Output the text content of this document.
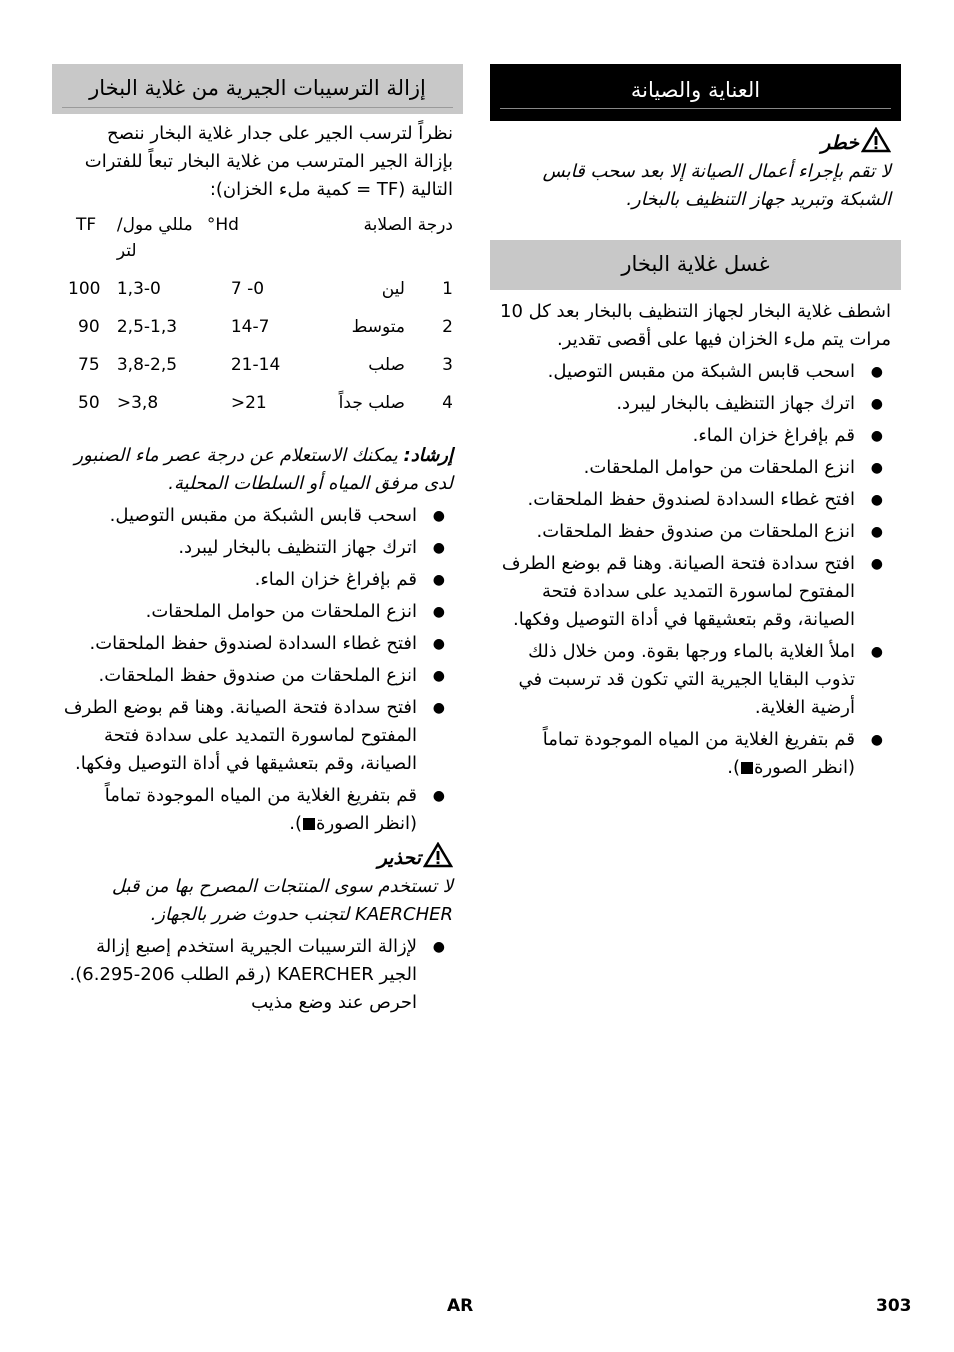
العناية والصيانة
خطر
لا تقم بإجراء أعمال الصيانة إلا بعد سحب قابس الشبكة وتبريد جهاز التنظيف بالبخار.
غسل غلاية البخار
اشطف غلاية البخار لجهاز التنظيف بالبخار بعد كل 10 مرات يتم ملء الخزان فيها على أقصى تقدير.
●
اسحب قابس الشبكة من مقبس التوصيل.
●
اترك جهاز التنظيف بالبخار ليبرد.
●
قم بإفراغ خزان الماء.
●
انزع الملحقات من حوامل الملحقات.
●
افتح غطاء السدادة لصندوق حفظ الملحقات.
●
انزع الملحقات من صندوق حفظ الملحقات.
●
افتح سدادة فتحة الصيانة. وهنا قم بوضع الطرف المفتوح لماسورة التمديد على سدادة فتحة الصيانة، وقم بتعشيقها في أداة التوصيل وفكها.
●
املأ الغلاية بالماء ورجها بقوة. ومن خلال ذلك تذوب البقايا الجيرية التي تكون قد ترسبت في أرضية الغلاية.
●
قم بتفريغ الغلاية من المياه الموجودة تماماً (انظر الصورة).
إزالة الترسيبات الجيرية من غلاية البخار
نظراً لترسب الجير على جدار غلاية البخار ننصح بإزالة الجير المترسب من غلاية البخار تبعاً للفترات التالية (TF = كمية ملء الخزان):
درجة الصلابة		Hd°	مللي مول/ لتر	TF
1	لين	0- 7	1,3-0	100
2	متوسط	14-7	2,5-1,3	90
3	صلب	21-14	3,8-2,5	75
4	صلب جداً	21<	3,8<	50
إرشاد: يمكنك الاستعلام عن درجة عصر ماء الصنبور لدى مرفق المياه أو السلطات المحلية.
●
اسحب قابس الشبكة من مقبس التوصيل.
●
اترك جهاز التنظيف بالبخار ليبرد.
●
قم بإفراغ خزان الماء.
●
انزع الملحقات من حوامل الملحقات.
●
افتح غطاء السدادة لصندوق حفظ الملحقات.
●
انزع الملحقات من صندوق حفظ الملحقات.
●
افتح سدادة فتحة الصيانة. وهنا قم بوضع الطرف المفتوح لماسورة التمديد على سدادة فتحة الصيانة، وقم بتعشيقها في أداة التوصيل وفكها.
●
قم بتفريغ الغلاية من المياه الموجودة تماماً (انظر الصورة).
تحذير
لا تستخدم سوى المنتجات المصرح بها من قبل KAERCHER لتجنب حدوث ضرر بالجهاز.
●
لإزالة الترسيبات الجيرية استخدم إصبع إزالة الجير KAERCHER (رقم الطلب 206-6.295). احرص عند وضع مذيب
AR	303
